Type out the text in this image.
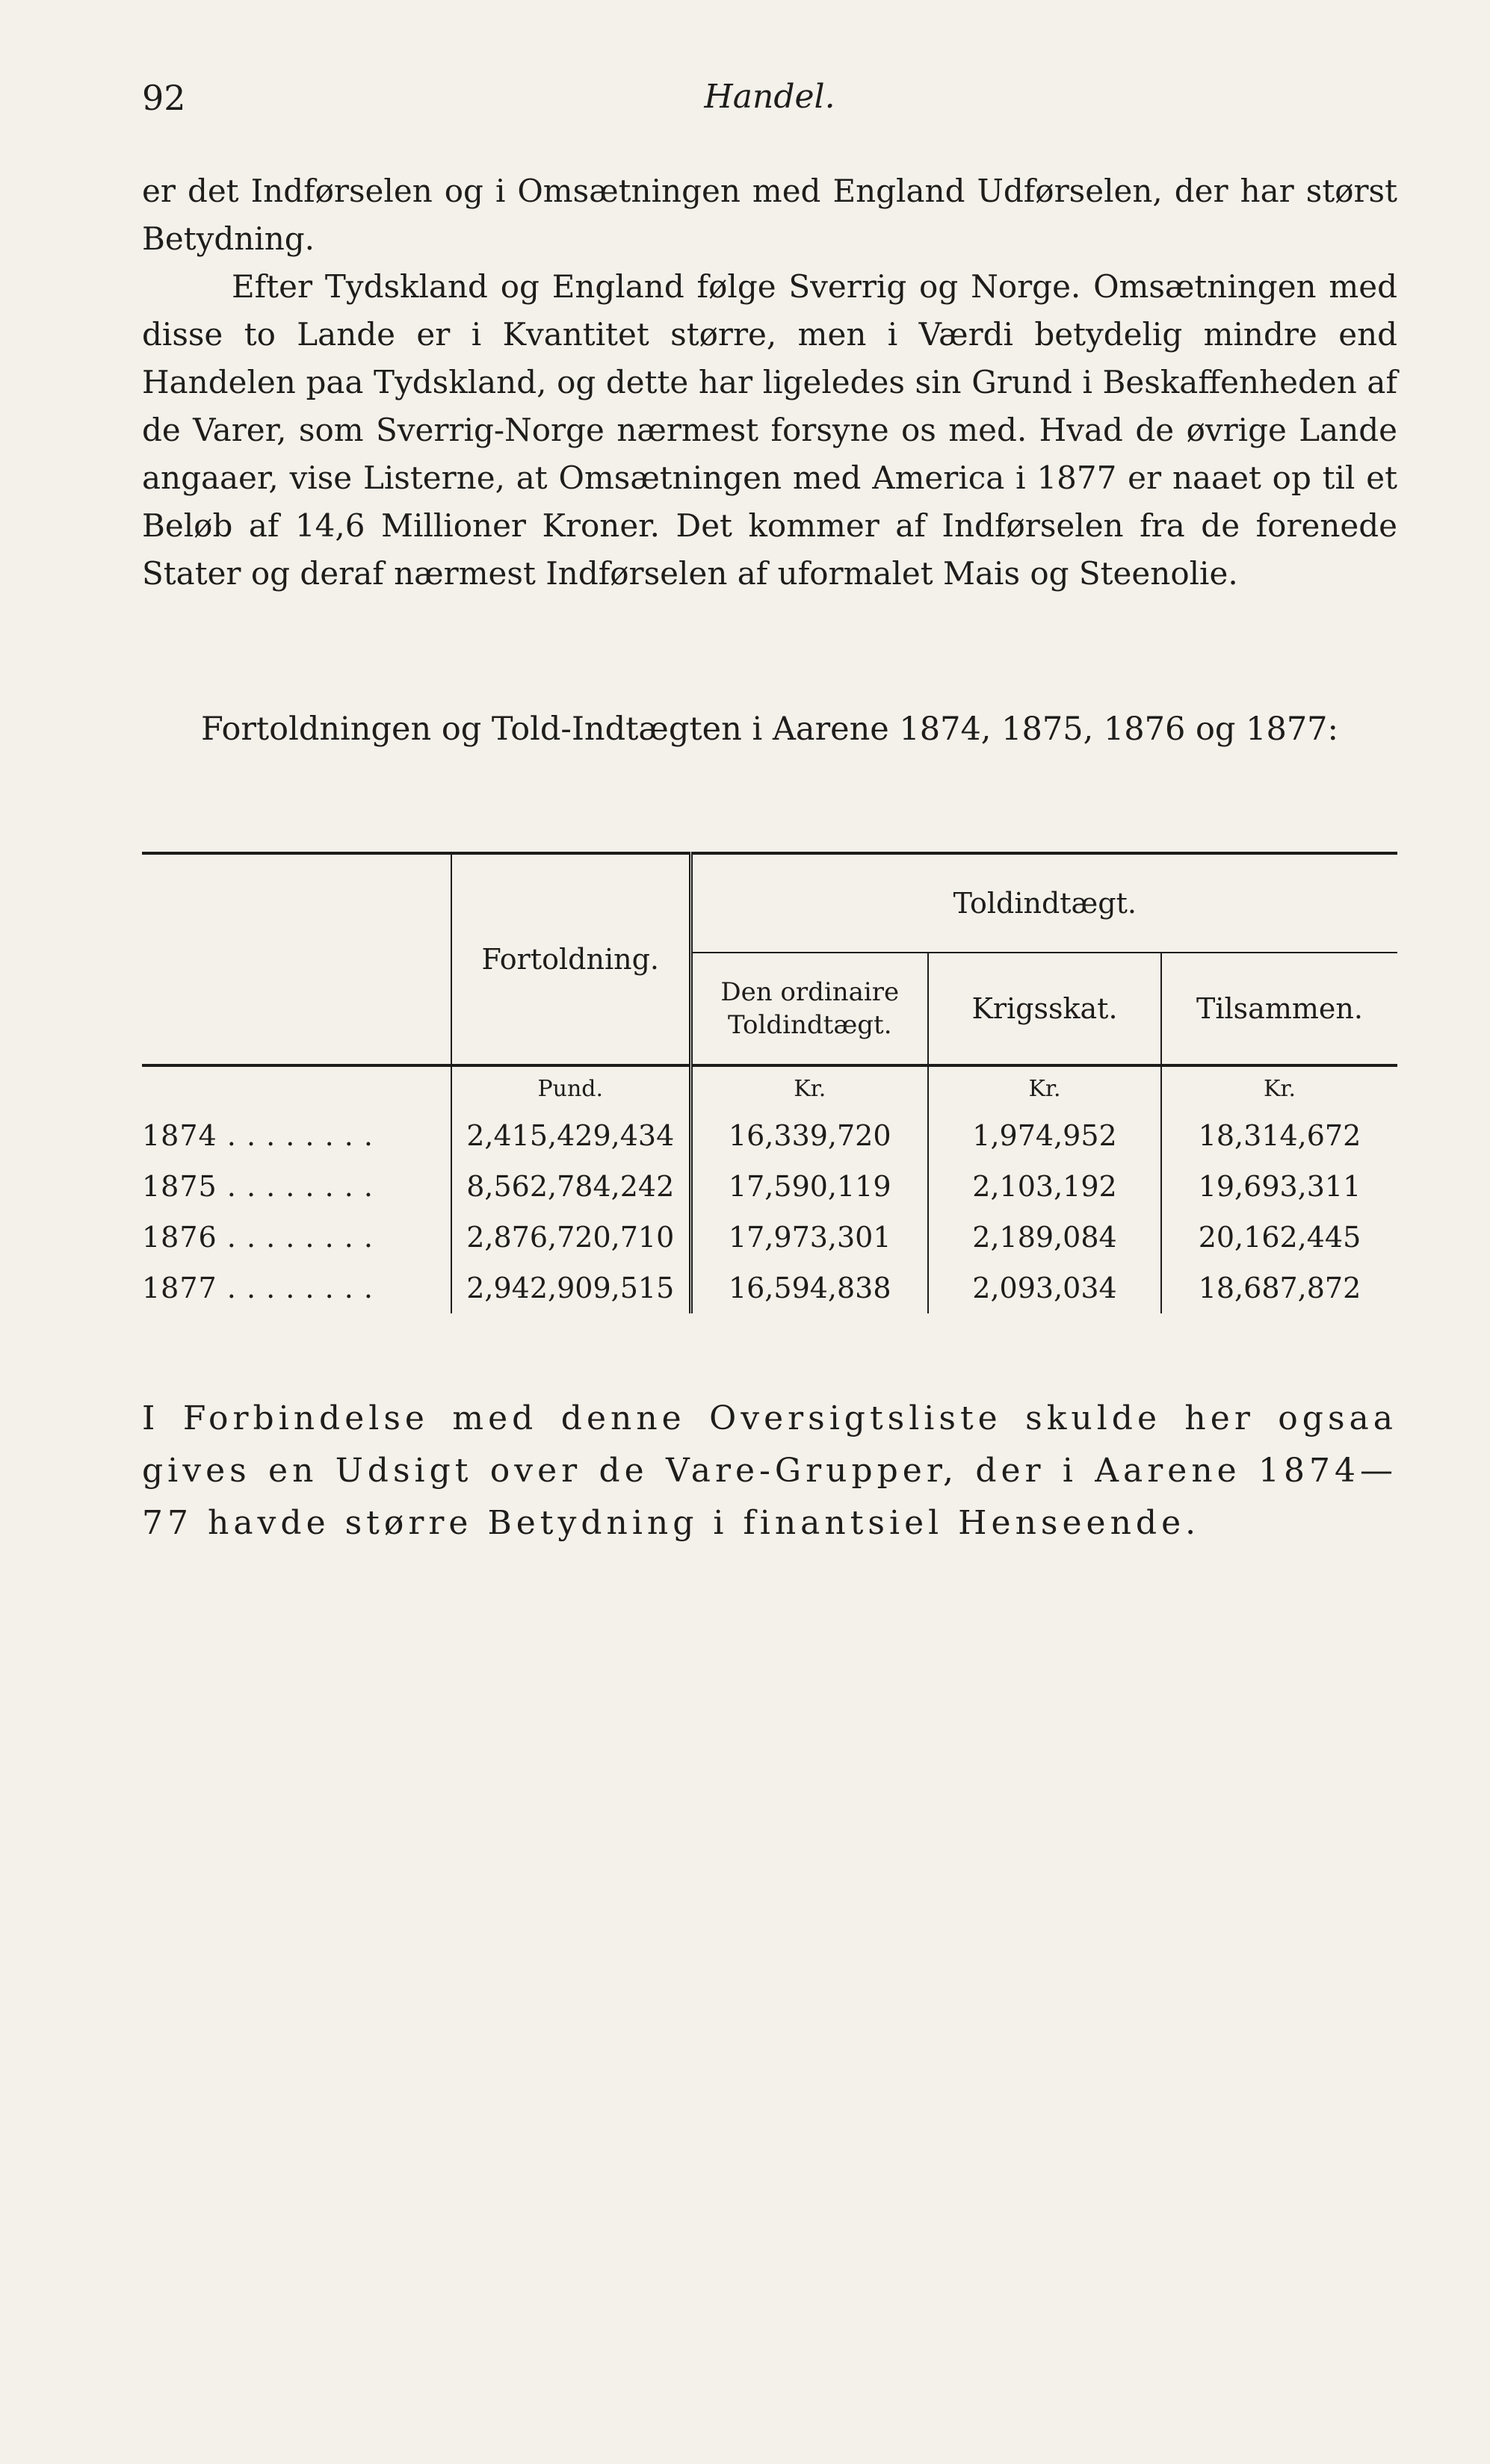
92	Handel.
er det Indførselen og i Omsætningen med England Udførselen, der har størst Betydning.
Efter Tydskland og England følge Sverrig og Norge. Omsætningen med disse to Lande er i Kvantitet større, men i Værdi betydelig mindre end Handelen paa Tydskland, og dette har ligeledes sin Grund i Beskaffenheden af de Varer, som Sverrig-Norge nærmest forsyne os med. Hvad de øvrige Lande angaaer, vise Listerne, at Omsætningen med America i 1877 er naaet op til et Beløb af 14,6 Millioner Kroner. Det kommer af Indførselen fra de forenede Stater og deraf nærmest Indførselen af uformalet Mais og Steenolie.
Fortoldningen og Told-Indtægten i Aarene 1874, 1875, 1876 og 1877:
	Fortoldning.	Toldindtægt.		
		Den ordinaire Toldindtægt.	Krigsskat.	Tilsammen.
	Pund.	Kr.	Kr.	Kr.
1874 . . . . . . . .	2,415,429,434	16,339,720	1,974,952	18,314,672
1875 . . . . . . . .	8,562,784,242	17,590,119	2,103,192	19,693,311
1876 . . . . . . . .	2,876,720,710	17,973,301	2,189,084	20,162,445
1877 . . . . . . . .	2,942,909,515	16,594,838	2,093,034	18,687,872
I Forbindelse med denne Oversigtsliste skulde her ogsaa gives en Udsigt over de Vare-Grupper, der i Aarene 1874—77 havde større Betydning i finantsiel Henseende.
